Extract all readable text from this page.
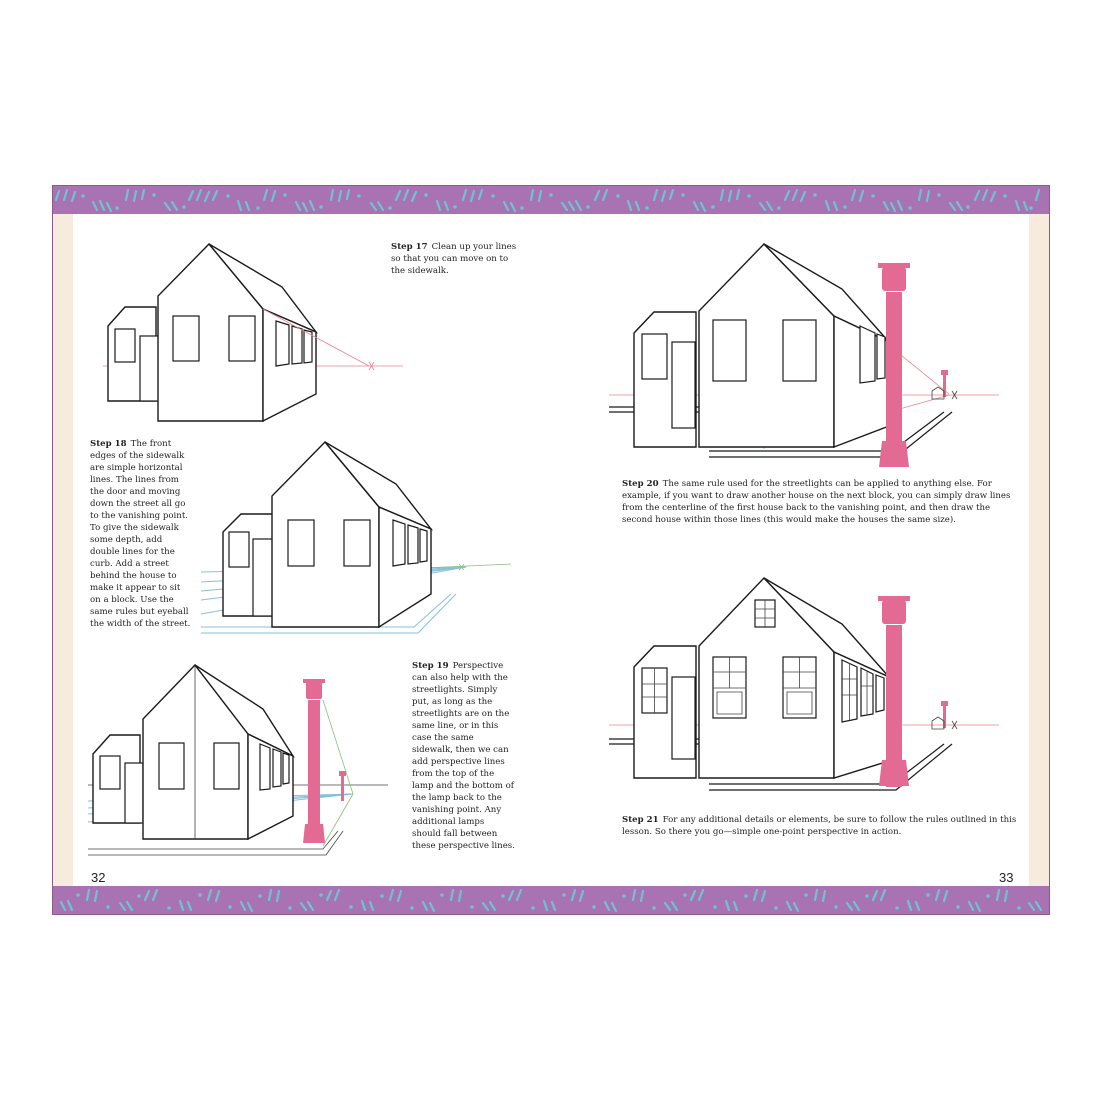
Step 17 Clean up your lines so that you can move on to the sidewalk.

Step 18 The front edges of the sidewalk are simple horizontal lines. The lines from the door and moving down the street all go to the vanishing point. To give the sidewalk some depth, add double lines for the curb. Add a street behind the house to make it appear to sit on a block. Use the same rules but eyeball the width of the street.

Step 19 Perspective can also help with the streetlights. Simply put, as long as the streetlights are on the same line, or in this case the same sidewalk, then we can add perspective lines from the top of the lamp and the bottom of the lamp back to the vanishing point. Any additional lamps should fall between these perspective lines.

32

Step 20 The same rule used for the streetlights can be applied to anything else. For example, if you want to draw another house on the next block, you can simply draw lines from the centerline of the first house back to the vanishing point, and then draw the second house within those lines (this would make the houses the same size).

Step 21 For any additional details or elements, be sure to follow the rules outlined in this lesson. So there you go—simple one-point perspective in action.

33
